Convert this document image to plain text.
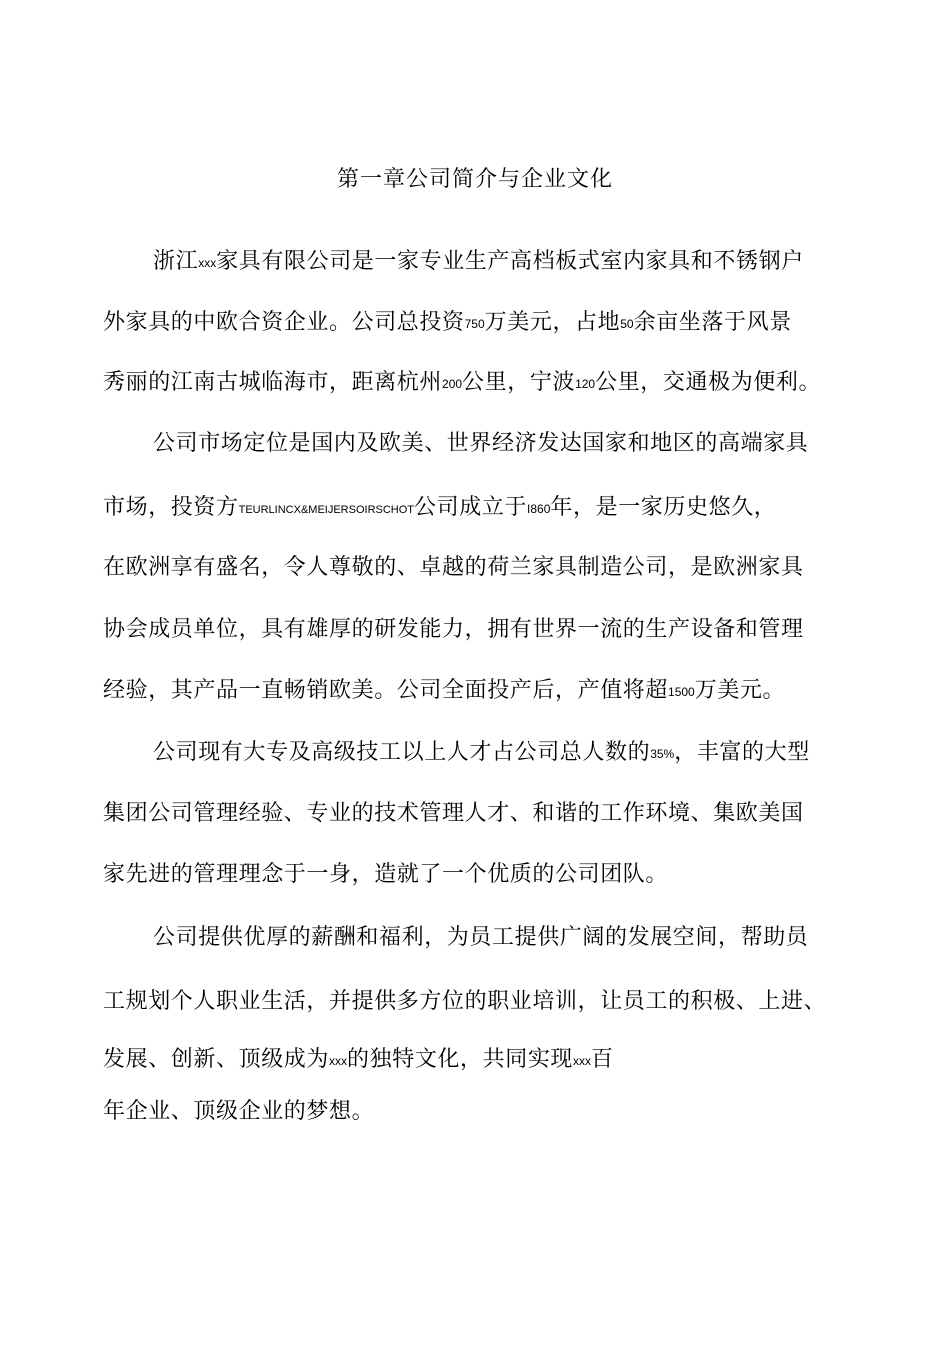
第一章公司简介与企业文化
浙江xxx家具有限公司是一家专业生产高档板式室内家具和不锈钢户
外家具的中欧合资企业。公司总投资750万美元，占地50余亩坐落于风景
秀丽的江南古城临海市，距离杭州200公里，宁波120公里，交通极为便利。
公司市场定位是国内及欧美、世界经济发达国家和地区的高端家具
市场，投资方TEURLINCX&MEIJERSOIRSCHOT公司成立于I860年，是一家历史悠久，
在欧洲享有盛名，令人尊敬的、卓越的荷兰家具制造公司，是欧洲家具
协会成员单位，具有雄厚的研发能力，拥有世界一流的生产设备和管理
经验，其产品一直畅销欧美。公司全面投产后，产值将超1500万美元。
公司现有大专及高级技工以上人才占公司总人数的35%，丰富的大型
集团公司管理经验、专业的技术管理人才、和谐的工作环境、集欧美国
家先进的管理理念于一身，造就了一个优质的公司团队。
公司提供优厚的薪酬和福利，为员工提供广阔的发展空间，帮助员
工规划个人职业生活，并提供多方位的职业培训，让员工的积极、上进、
发展、创新、顶级成为xxx的独特文化，共同实现xxx百
年企业、顶级企业的梦想。
